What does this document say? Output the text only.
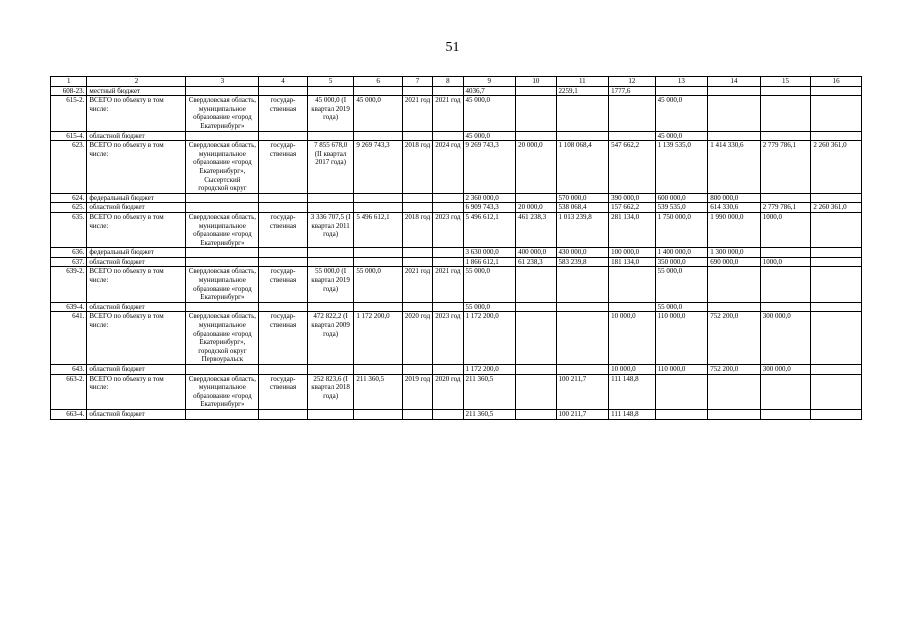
51
1	2	3	4	5	6	7	8	9	10	11	12	13	14	15	16
608-23.	местный бюджет							4036,7		2259,1	1777,6				
615-2.	ВСЕГО по объекту в том числе:	Свердловская область, муниципальное образование «город Екатеринбург»	государ-ственная	45 000,0 (I квартал 2019 года)	45 000,0	2021 год	2021 год	45 000,0				45 000,0			
615-4.	областной бюджет							45 000,0				45 000,0			
623.	ВСЕГО по объекту в том числе:	Свердловская область, муниципальное образование «город Екатеринбург», Сысертский городской округ	государ-ственная	7 855 678,0 (II квартал 2017 года)	9 269 743,3	2018 год	2024 год	9 269 743,3	20 000,0	1 108 068,4	547 662,2	1 139 535,0	1 414 330,6	2 779 786,1	2 260 361,0
624.	федеральный бюджет							2 360 000,0		570 000,0	390 000,0	600 000,0	800 000,0		
625.	областной бюджет							6 909 743,3	20 000,0	538 068,4	157 662,2	539 535,0	614 330,6	2 779 786,1	2 260 361,0
635.	ВСЕГО по объекту в том числе:	Свердловская область, муниципальное образование «город Екатеринбург»	государ-ственная	3 336 707,5 (I квартал 2011 года)	5 496 612,1	2018 год	2023 год	5 496 612,1	461 238,3	1 013 239,8	281 134,0	1 750 000,0	1 990 000,0	1000,0	
636.	федеральный бюджет							3 630 000,0	400 000,0	430 000,0	100 000,0	1 400 000,0	1 300 000,0		
637.	областной бюджет							1 866 612,1	61 238,3	583 239,8	181 134,0	350 000,0	690 000,0	1000,0	
639-2.	ВСЕГО по объекту в том числе:	Свердловская область, муниципальное образование «город Екатеринбург»	государ-ственная	55 000,0 (I квартал 2019 года)	55 000,0	2021 год	2021 год	55 000,0				55 000,0			
639-4.	областной бюджет							55 000,0				55 000,0			
641.	ВСЕГО по объекту в том числе:	Свердловская область, муниципальное образование «город Екатеринбург», городской округ Первоуральск	государ-ственная	472 822,2 (I квартал 2009 года)	1 172 200,0	2020 год	2023 год	1 172 200,0			10 000,0	110 000,0	752 200,0	300 000,0	
643.	областной бюджет							1 172 200,0			10 000,0	110 000,0	752 200,0	300 000,0	
663-2.	ВСЕГО по объекту в том числе:	Свердловская область, муниципальное образование «город Екатеринбург»	государ-ственная	252 823,6 (I квартал 2018 года)	211 360,5	2019 год	2020 год	211 360,5		100 211,7	111 148,8				
663-4.	областной бюджет							211 360,5		100 211,7	111 148,8				
